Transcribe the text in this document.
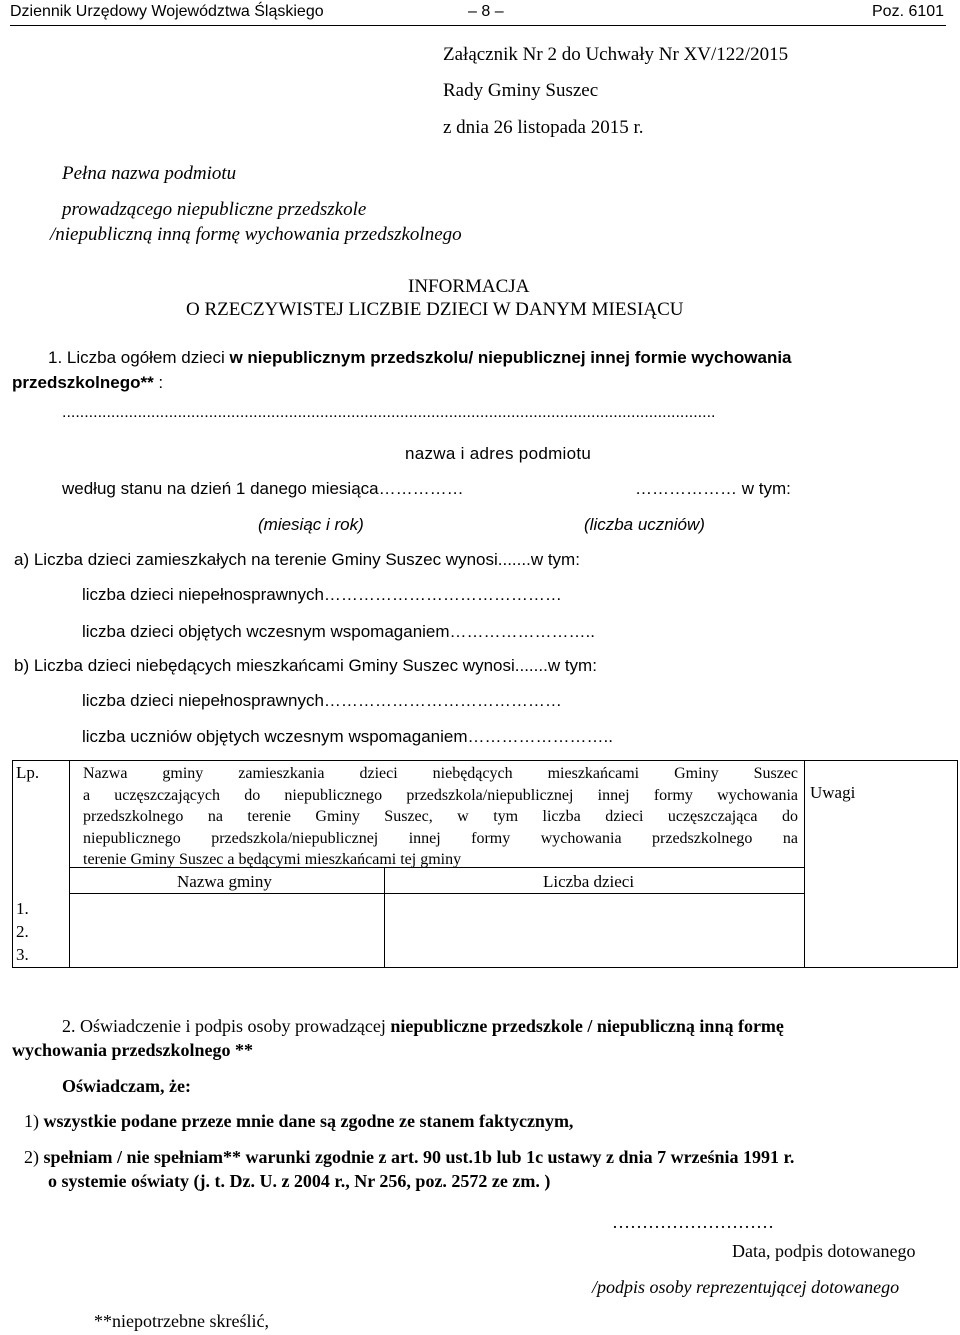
Dziennik Urzędowy Województwa Śląskiego	– 8 –	Poz. 6101
Załącznik Nr 2 do Uchwały Nr XV/122/2015
Rady Gminy Suszec
z dnia 26 listopada 2015 r.
Pełna nazwa podmiotu
prowadzącego niepubliczne przedszkole
/niepubliczną inną formę wychowania przedszkolnego
INFORMACJA
O RZECZYWISTEJ LICZBIE DZIECI W DANYM MIESIĄCU
1. Liczba ogółem dzieci w niepublicznym przedszkolu/ niepublicznej innej formie wychowania
przedszkolnego** :
...................................................................................................................................................
nazwa i adres podmiotu
według stanu na dzień 1 danego miesiąca……………	……………… w tym:
(miesiąc i rok)	(liczba uczniów)
a) Liczba dzieci zamieszkałych na terenie Gminy Suszec wynosi.......w tym:
liczba dzieci niepełnosprawnych……………………………………
liczba dzieci objętych wczesnym wspomaganiem……………………..
b) Liczba dzieci niebędących mieszkańcami Gminy Suszec wynosi.......w tym:
liczba dzieci niepełnosprawnych……………………………………
liczba uczniów objętych wczesnym wspomaganiem……………………..
Lp.	Nazwa gminy zamieszkania dzieci niebędących mieszkańcami Gminy Suszec
a uczęszczających do niepublicznego przedszkola/niepublicznej innej formy wychowania
przedszkolnego na terenie Gminy Suszec, w tym liczba dzieci uczęszczająca do
niepublicznego przedszkola/niepublicznej innej formy wychowania przedszkolnego na
terenie Gminy Suszec a będącymi mieszkańcami tej gminy
Nazwa gminy	Liczba dzieci
Uwagi
1.
2.
3.
2. Oświadczenie i podpis osoby prowadzącej niepubliczne przedszkole / niepubliczną inną formę
wychowania przedszkolnego **
Oświadczam, że:
1) wszystkie podane przeze mnie dane są zgodne ze stanem faktycznym,
2) spełniam / nie spełniam** warunki zgodnie z art. 90 ust.1b lub 1c ustawy z dnia 7 września 1991 r.
o systemie oświaty (j. t. Dz. U. z 2004 r., Nr 256, poz. 2572 ze zm. )
………………………
Data, podpis dotowanego
/podpis osoby reprezentującej dotowanego
**niepotrzebne skreślić,
